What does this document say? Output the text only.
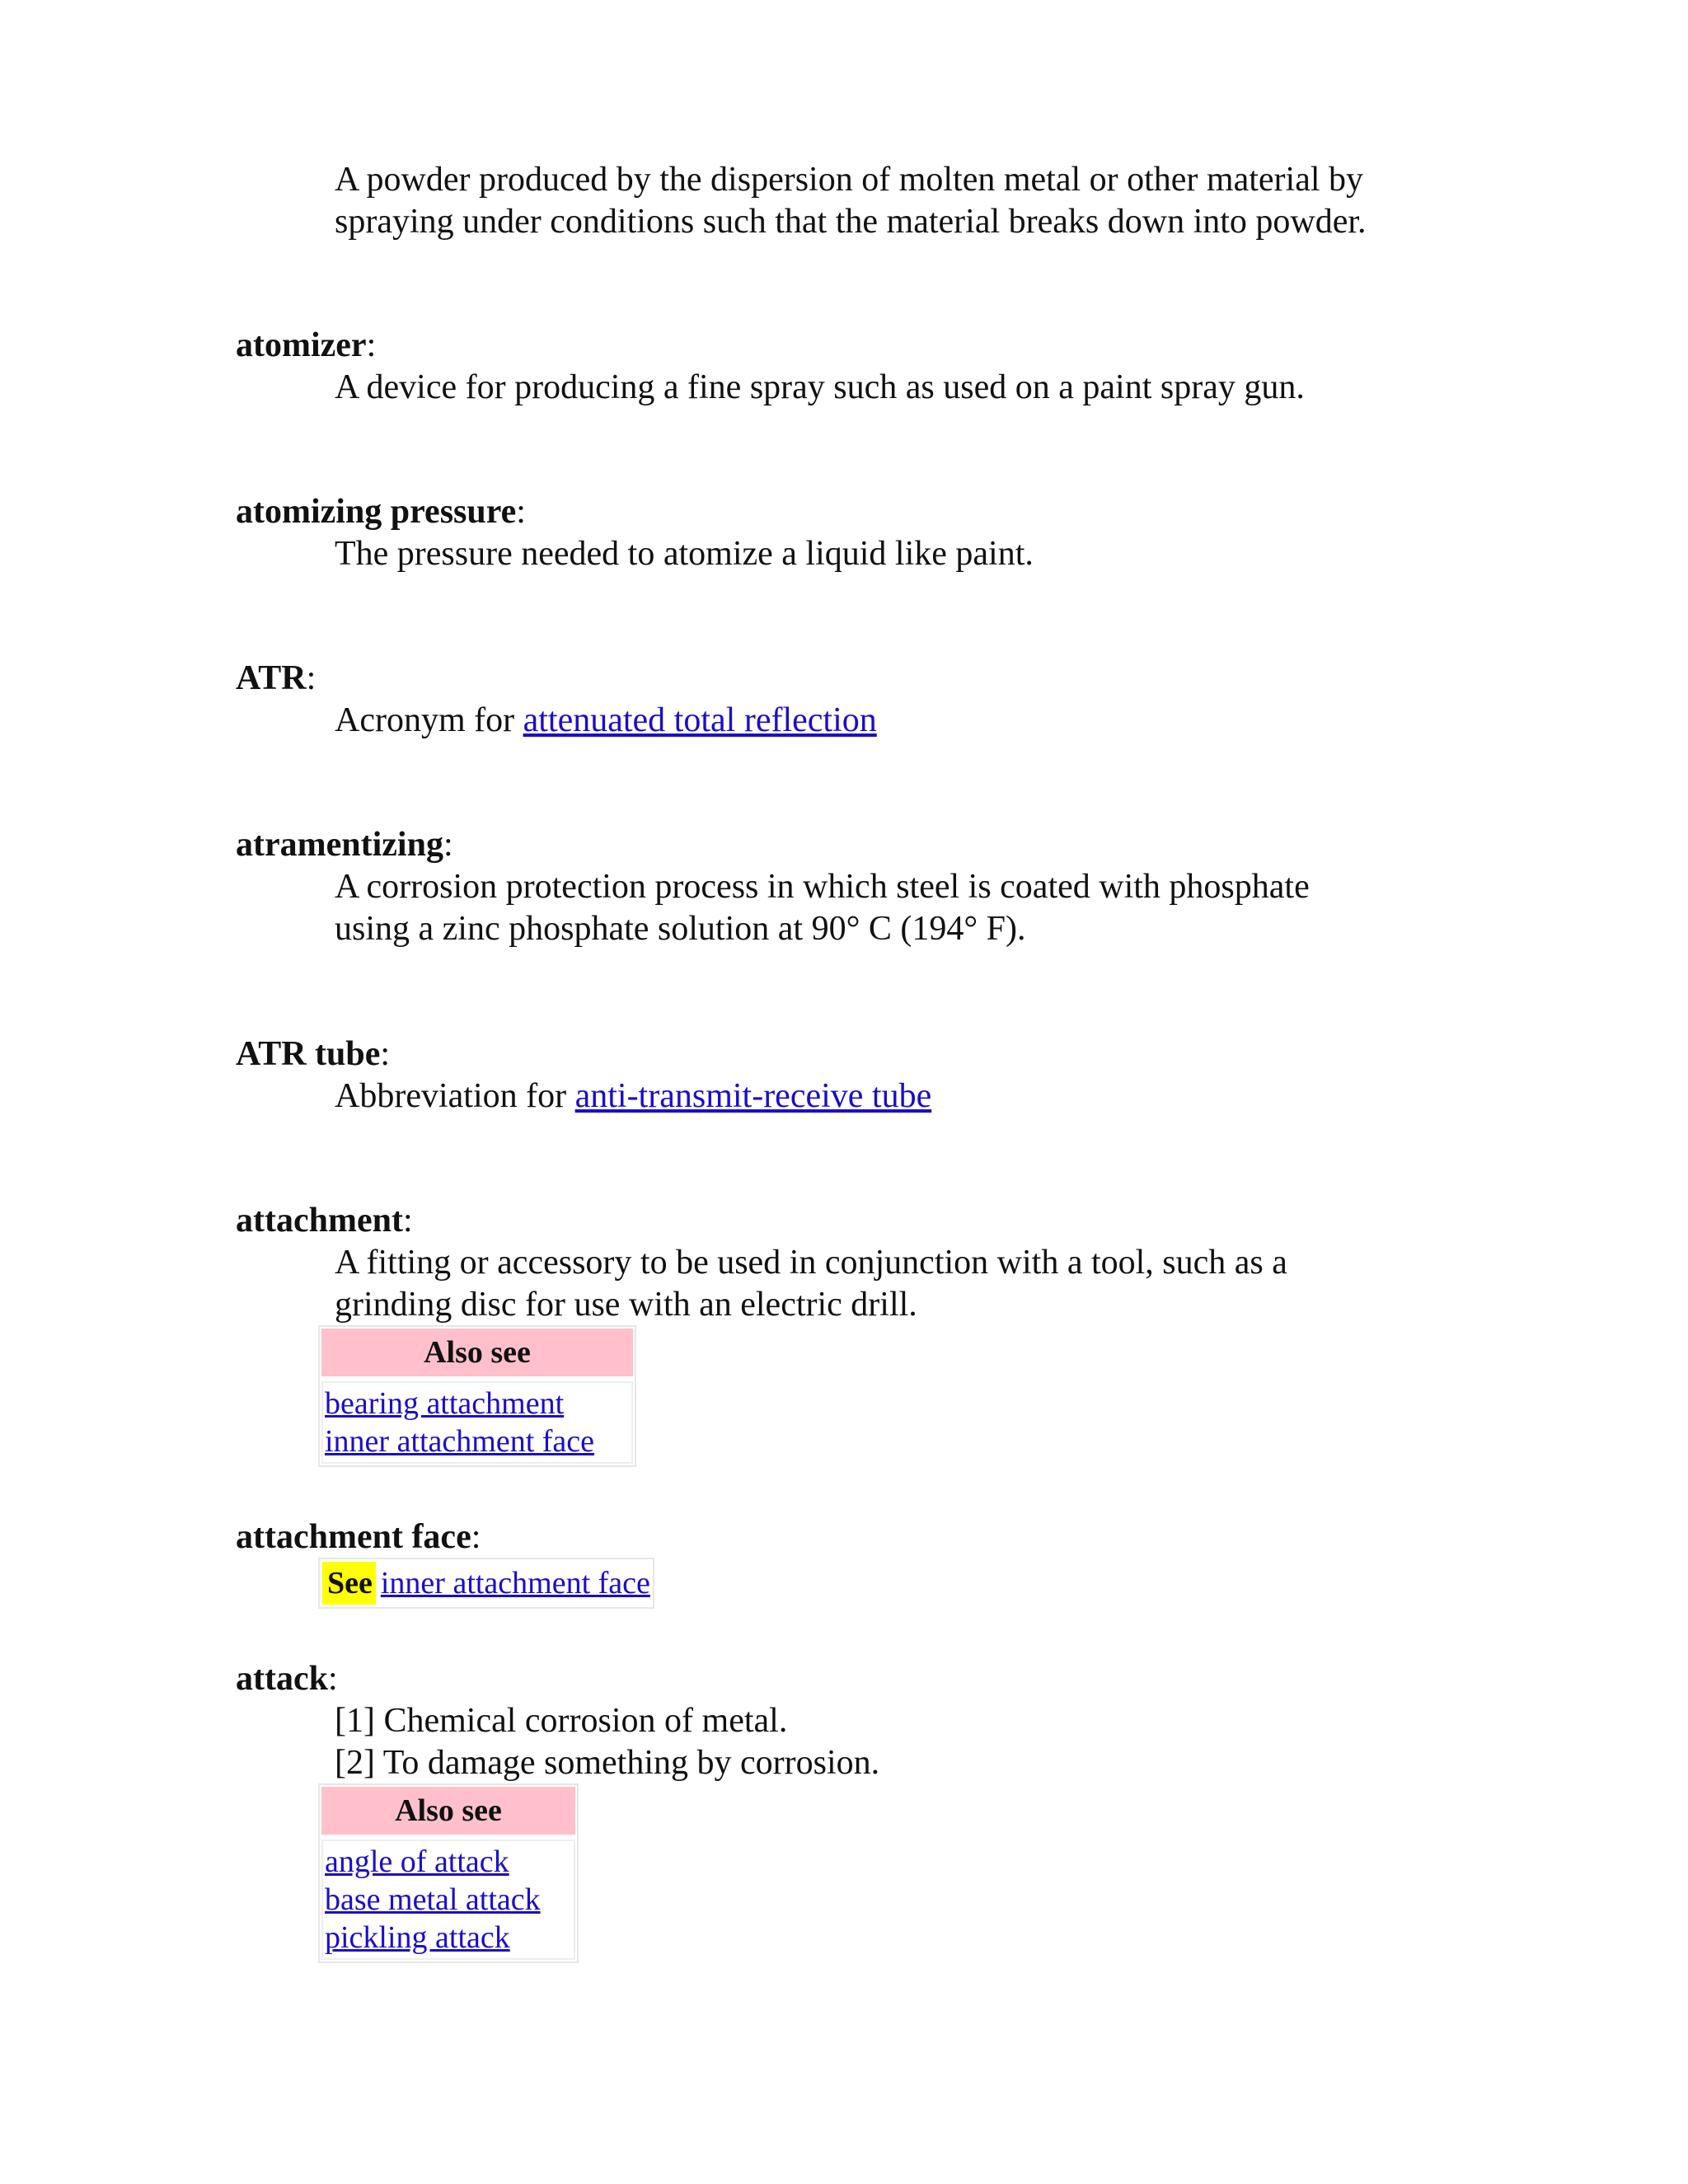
A powder produced by the dispersion of molten metal or other material by
spraying under conditions such that the material breaks down into powder.
atomizer:
A device for producing a fine spray such as used on a paint spray gun.
atomizing pressure:
The pressure needed to atomize a liquid like paint.
ATR:
Acronym for attenuated total reflection
atramentizing:
A corrosion protection process in which steel is coated with phosphate
using a zinc phosphate solution at 90° C (194° F).
ATR tube:
Abbreviation for anti-transmit-receive tube
attachment:
A fitting or accessory to be used in conjunction with a tool, such as a
grinding disc for use with an electric drill.
Also see
bearing attachment
inner attachment face
attachment face:
See inner attachment face
attack:
[1] Chemical corrosion of metal.
[2] To damage something by corrosion.
Also see
angle of attack
base metal attack
pickling attack
